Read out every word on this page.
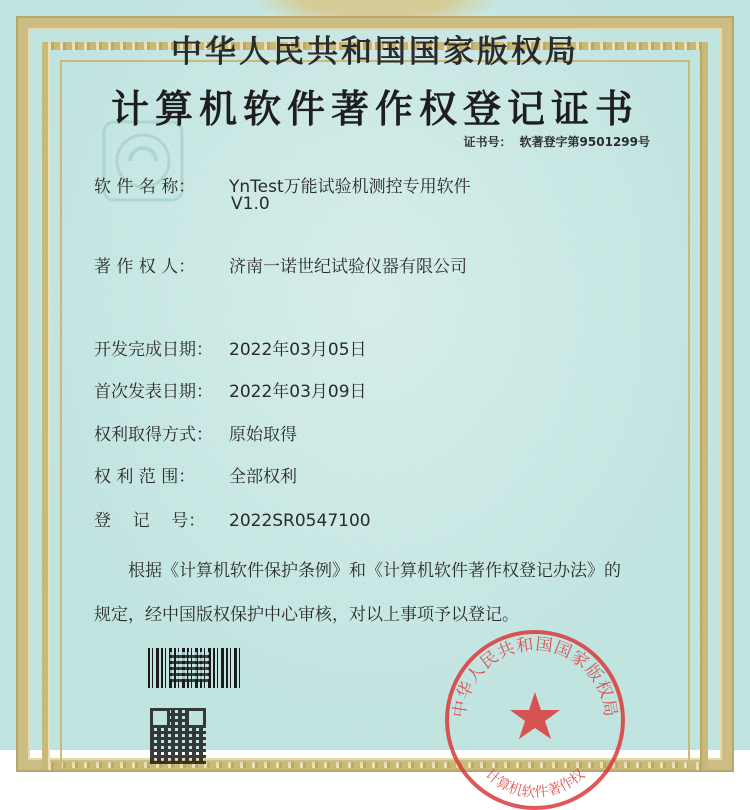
中华人民共和国国家版权局
计算机软件著作权登记证书
证书号： 软著登字第9501299号
软 件 名 称： YnTest万能试验机测控专用软件
V1.0
著 作 权 人： 济南一诺世纪试验仪器有限公司
开发完成日期： 2022年03月05日
首次发表日期： 2022年03月09日
权利取得方式： 原始取得
权 利 范 围： 全部权利
登    记    号： 2022SR0547100
根据《计算机软件保护条例》和《计算机软件著作权登记办法》的
规定，经中国版权保护中心审核，对以上事项予以登记。
中华人民共和国国家版权局
计算机软件著作权
